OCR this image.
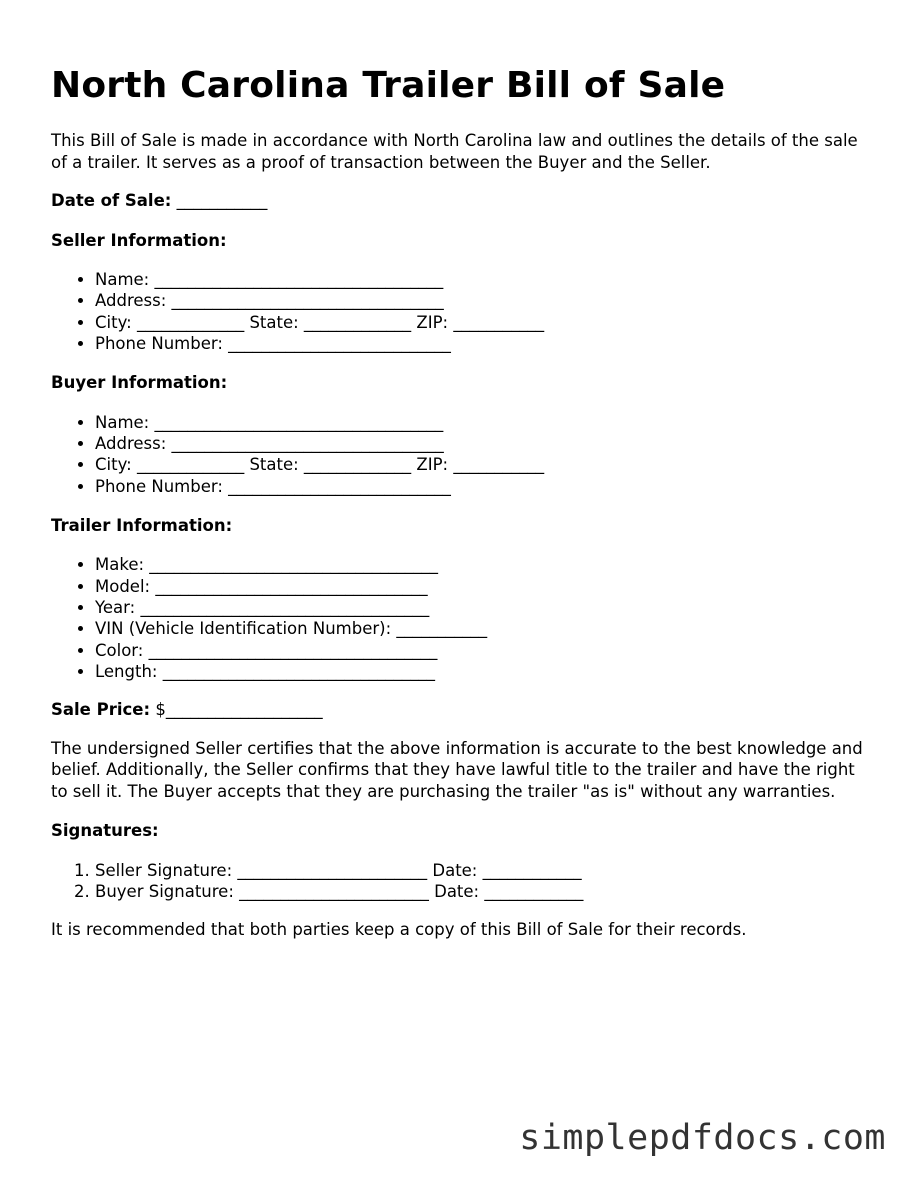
North Carolina Trailer Bill of Sale

This Bill of Sale is made in accordance with North Carolina law and outlines the details of the sale of a trailer. It serves as a proof of transaction between the Buyer and the Seller.

Date of Sale: ___________

Seller Information:

• Name: ___________________________________
• Address: _________________________________
• City: _____________ State: _____________ ZIP: ___________
• Phone Number: ___________________________

Buyer Information:

• Name: ___________________________________
• Address: _________________________________
• City: _____________ State: _____________ ZIP: ___________
• Phone Number: ___________________________

Trailer Information:

• Make: ___________________________________
• Model: _________________________________
• Year: ___________________________________
• VIN (Vehicle Identification Number): ___________
• Color: ___________________________________
• Length: _________________________________

Sale Price: $___________________

The undersigned Seller certifies that the above information is accurate to the best knowledge and belief. Additionally, the Seller confirms that they have lawful title to the trailer and have the right to sell it. The Buyer accepts that they are purchasing the trailer "as is" without any warranties.

Signatures:

1. Seller Signature: _______________________ Date: ____________
2. Buyer Signature: _______________________ Date: ____________

It is recommended that both parties keep a copy of this Bill of Sale for their records.

simplepdfdocs.com
